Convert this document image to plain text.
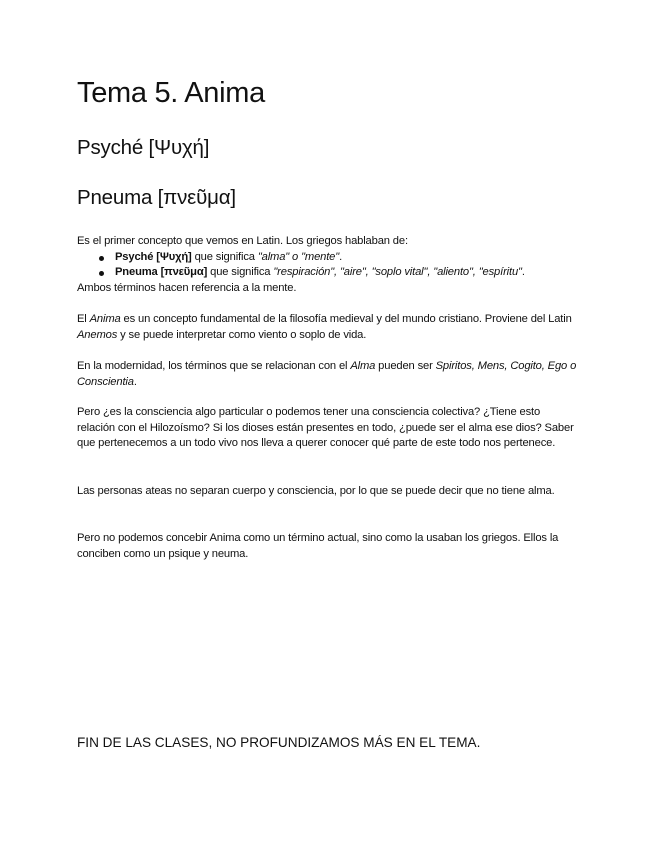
Tema 5. Anima
Psyché [Ψυχή]
Pneuma [πνεῦμα]
Es el primer concepto que vemos en Latin. Los griegos hablaban de:
Psyché [Ψυχή] que significa "alma" o "mente".
Pneuma [πνεῦμα] que significa "respiración", "aire", "soplo vital", "aliento", "espíritu".
Ambos términos hacen referencia a la mente.

El Anima es un concepto fundamental de la filosofía medieval y del mundo cristiano. Proviene del Latin Anemos y se puede interpretar como viento o soplo de vida.

En la modernidad, los términos que se relacionan con el Alma pueden ser Spiritos, Mens, Cogito, Ego o Conscientia.

Pero ¿es la consciencia algo particular o podemos tener una consciencia colectiva? ¿Tiene esto relación con el Hilozoísmo? Si los dioses están presentes en todo, ¿puede ser el alma ese dios? Saber que pertenecemos a un todo vivo nos lleva a querer conocer qué parte de este todo nos pertenece.

Las personas ateas no separan cuerpo y consciencia, por lo que se puede decir que no tiene alma.

Pero no podemos concebir Anima como un término actual, sino como la usaban los griegos. Ellos la conciben como un psique y neuma.

FIN DE LAS CLASES, NO PROFUNDIZAMOS MÁS EN EL TEMA.
